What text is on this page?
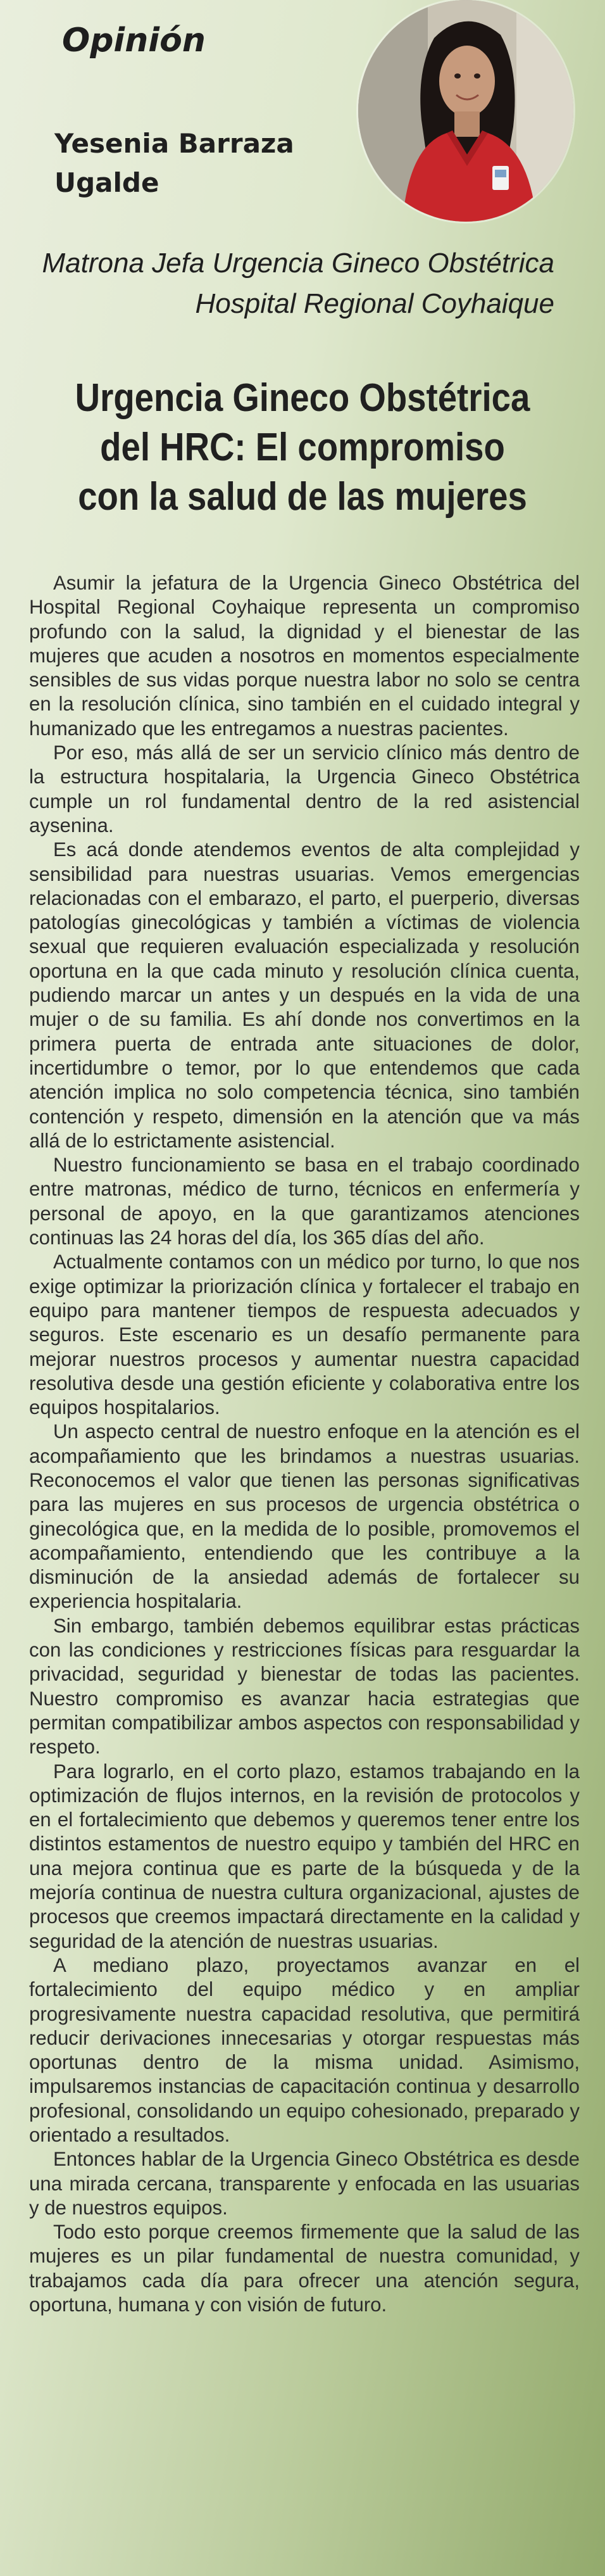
Opinión
Yesenia Barraza Ugalde
Matrona Jefa Urgencia Gineco Obstétrica
Hospital Regional Coyhaique
Urgencia Gineco Obstétrica del HRC: El compromiso con la salud de las mujeres

Asumir la jefatura de la Urgencia Gineco Obstétrica del Hospital Regional Coyhaique representa un compromiso profundo con la salud, la dignidad y el bienestar de las mujeres que acuden a nosotros en momentos especialmente sensibles de sus vidas porque nuestra labor no solo se centra en la resolución clínica, sino también en el cuidado integral y humanizado que les entregamos a nuestras pacientes.

Por eso, más allá de ser un servicio clínico más dentro de la estructura hospitalaria, la Urgencia Gineco Obstétrica cumple un rol fundamental dentro de la red asistencial aysenina.

Es acá donde atendemos eventos de alta complejidad y sensibilidad para nuestras usuarias. Vemos emergencias relacionadas con el embarazo, el parto, el puerperio, diversas patologías ginecológicas y también a víctimas de violencia sexual que requieren evaluación especializada y resolución oportuna en la que cada minuto y resolución clínica cuenta, pudiendo marcar un antes y un después en la vida de una mujer o de su familia. Es ahí donde nos convertimos en la primera puerta de entrada ante situaciones de dolor, incertidumbre o temor, por lo que entendemos que cada atención implica no solo competencia técnica, sino también contención y respeto, dimensión en la atención que va más allá de lo estrictamente asistencial.

Nuestro funcionamiento se basa en el trabajo coordinado entre matronas, médico de turno, técnicos en enfermería y personal de apoyo, en la que garantizamos atenciones continuas las 24 horas del día, los 365 días del año.

Actualmente contamos con un médico por turno, lo que nos exige optimizar la priorización clínica y fortalecer el trabajo en equipo para mantener tiempos de respuesta adecuados y seguros. Este escenario es un desafío permanente para mejorar nuestros procesos y aumentar nuestra capacidad resolutiva desde una gestión eficiente y colaborativa entre los equipos hospitalarios.

Un aspecto central de nuestro enfoque en la atención es el acompañamiento que les brindamos a nuestras usuarias. Reconocemos el valor que tienen las personas significativas para las mujeres en sus procesos de urgencia obstétrica o ginecológica que, en la medida de lo posible, promovemos el acompañamiento, entendiendo que les contribuye a la disminución de la ansiedad además de fortalecer su experiencia hospitalaria.

Sin embargo, también debemos equilibrar estas prácticas con las condiciones y restricciones físicas para resguardar la privacidad, seguridad y bienestar de todas las pacientes. Nuestro compromiso es avanzar hacia estrategias que permitan compatibilizar ambos aspectos con responsabilidad y respeto.

Para lograrlo, en el corto plazo, estamos trabajando en la optimización de flujos internos, en la revisión de protocolos y en el fortalecimiento que debemos y queremos tener entre los distintos estamentos de nuestro equipo y también del HRC en una mejora continua que es parte de la búsqueda y de la mejoría continua de nuestra cultura organizacional, ajustes de procesos que creemos impactará directamente en la calidad y seguridad de la atención de nuestras usuarias.

A mediano plazo, proyectamos avanzar en el fortalecimiento del equipo médico y en ampliar progresivamente nuestra capacidad resolutiva, que permitirá reducir derivaciones innecesarias y otorgar respuestas más oportunas dentro de la misma unidad. Asimismo, impulsaremos instancias de capacitación continua y desarrollo profesional, consolidando un equipo cohesionado, preparado y orientado a resultados.

Entonces hablar de la Urgencia Gineco Obstétrica es desde una mirada cercana, transparente y enfocada en las usuarias y de nuestros equipos.

Todo esto porque creemos firmemente que la salud de las mujeres es un pilar fundamental de nuestra comunidad, y trabajamos cada día para ofrecer una atención segura, oportuna, humana y con visión de futuro.
